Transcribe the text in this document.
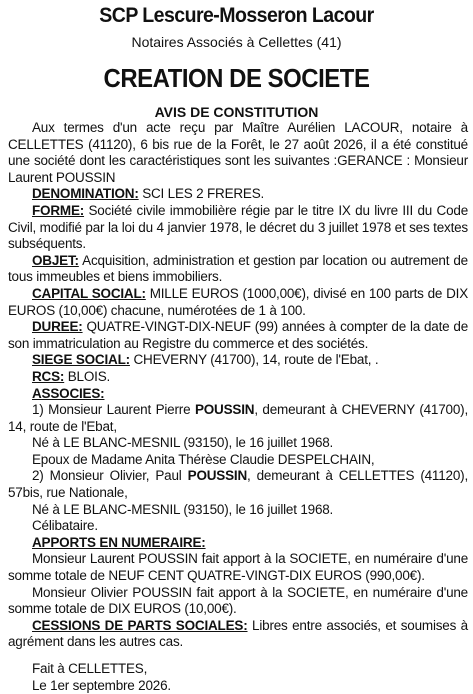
SCP Lescure-Mosseron Lacour
Notaires Associés à Cellettes (41)
CREATION DE SOCIETE
AVIS DE CONSTITUTION

Aux termes d'un acte reçu par Maître Aurélien LACOUR, notaire à CELLETTES (41120), 6 bis rue de la Forêt, le 27 août 2026, il a été constitué une société dont les caractéristiques sont les suivantes :GERANCE : Monsieur Laurent POUSSIN

DENOMINATION: SCI LES 2 FRERES.

FORME: Société civile immobilière régie par le titre IX du livre III du Code Civil, modifié par la loi du 4 janvier 1978, le décret du 3 juillet 1978 et ses textes subséquents.

OBJET: Acquisition, administration et gestion par location ou autrement de tous immeubles et biens immobiliers.

CAPITAL SOCIAL: MILLE EUROS (1000,00€), divisé en 100 parts de DIX EUROS (10,00€) chacune, numérotées de 1 à 100.

DUREE: QUATRE-VINGT-DIX-NEUF (99) années à compter de la date de son immatriculation au Registre du commerce et des sociétés.

SIEGE SOCIAL: CHEVERNY (41700), 14, route de l'Ebat, .

RCS: BLOIS.

ASSOCIES:

1) Monsieur Laurent Pierre POUSSIN, demeurant à CHEVERNY (41700), 14, route de l'Ebat,

Né à LE BLANC-MESNIL (93150), le 16 juillet 1968.

Epoux de Madame Anita Thérèse Claudie DESPELCHAIN,

2) Monsieur Olivier, Paul POUSSIN, demeurant à CELLETTES (41120), 57bis, rue Nationale,

Né à LE BLANC-MESNIL (93150), le 16 juillet 1968.

Célibataire.

APPORTS EN NUMERAIRE:

Monsieur Laurent POUSSIN fait apport à la SOCIETE, en numéraire d'une somme totale de NEUF CENT QUATRE-VINGT-DIX EUROS (990,00€).

Monsieur Olivier POUSSIN fait apport à la SOCIETE, en numéraire d'une somme totale de DIX EUROS (10,00€).

CESSIONS DE PARTS SOCIALES: Libres entre associés, et soumises à agrément dans les autres cas.

Fait à CELLETTES,

Le 1er septembre 2026.
